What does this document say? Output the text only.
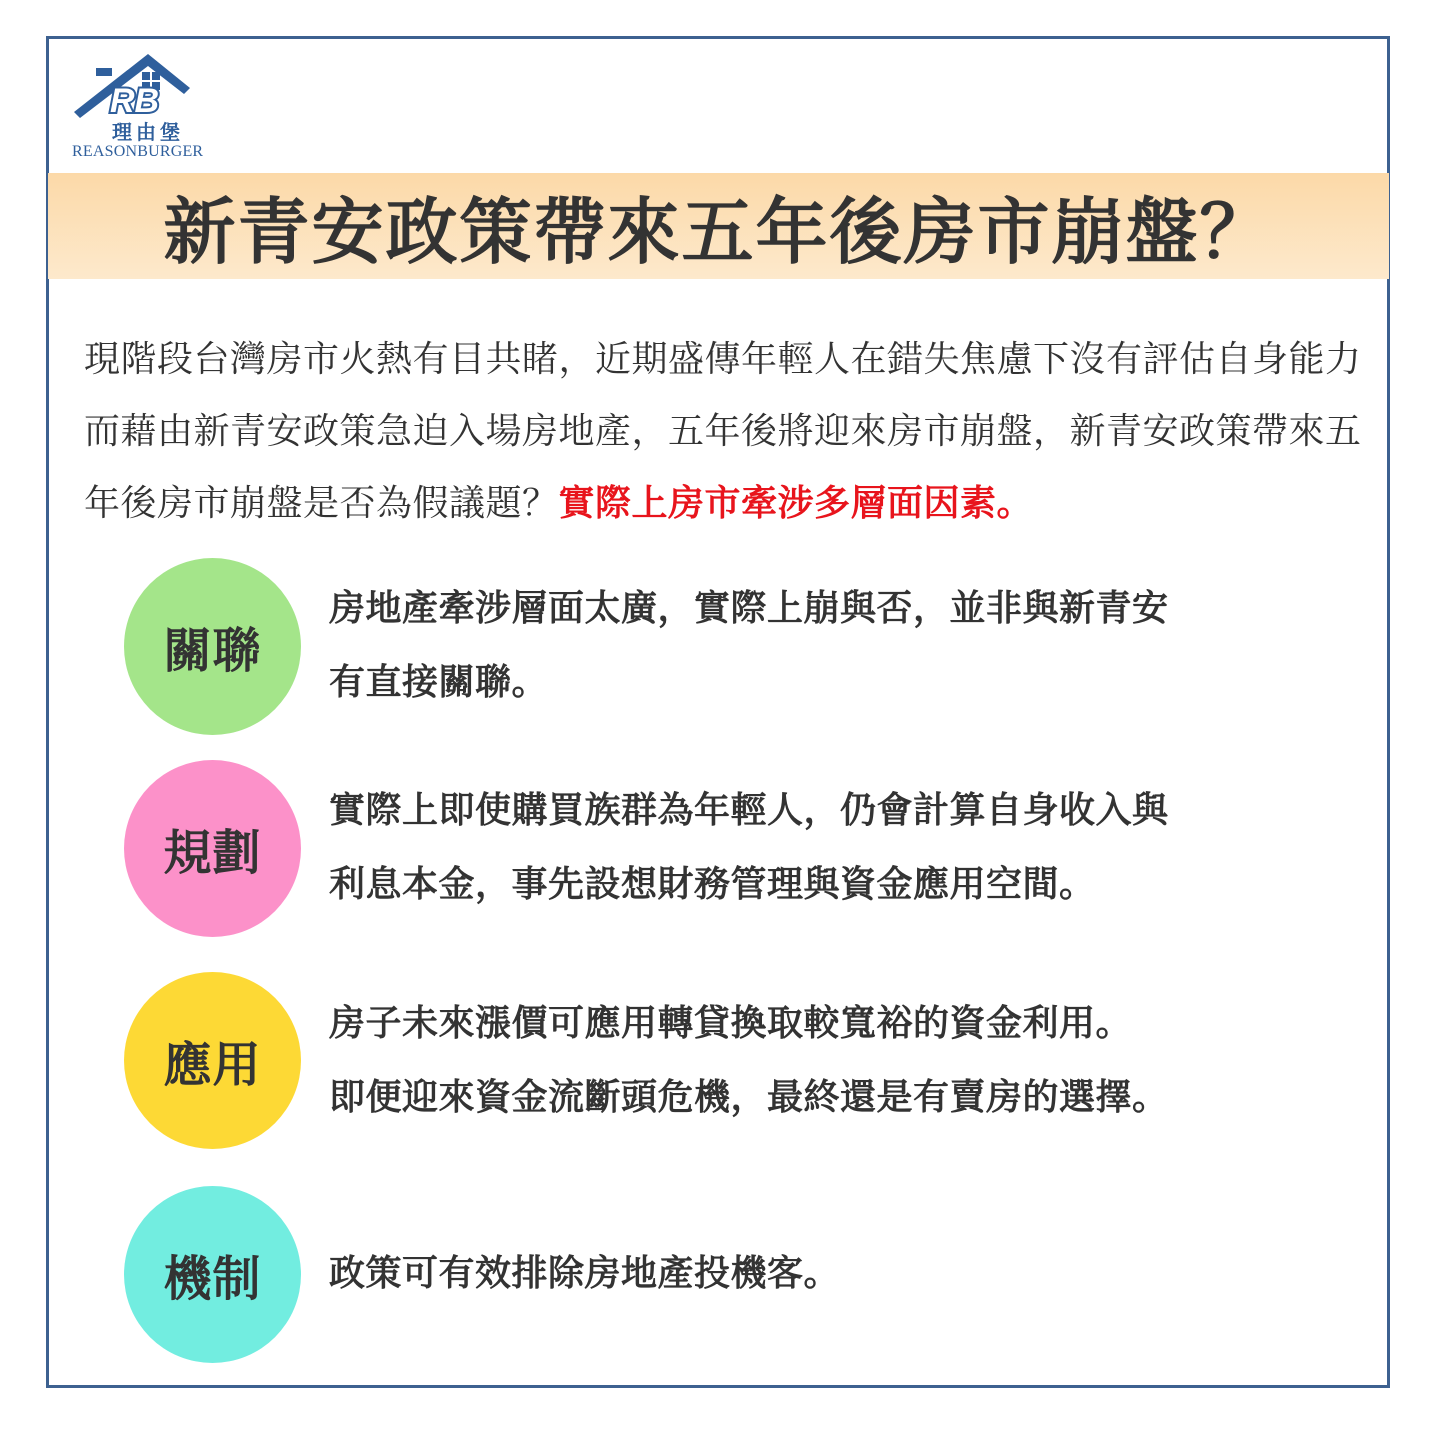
RB
理由堡
REASONBURGER
新青安政策帶來五年後房市崩盤？
現階段台灣房市火熱有目共睹，近期盛傳年輕人在錯失焦慮下沒有評估自身能力而藉由新青安政策急迫入場房地產，五年後將迎來房市崩盤，新青安政策帶來五年後房市崩盤是否為假議題？實際上房市牽涉多層面因素。
關聯
房地產牽涉層面太廣，實際上崩與否，並非與新青安
有直接關聯。
規劃
實際上即使購買族群為年輕人，仍會計算自身收入與
利息本金，事先設想財務管理與資金應用空間。
應用
房子未來漲價可應用轉貸換取較寬裕的資金利用。
即便迎來資金流斷頭危機，最終還是有賣房的選擇。
機制	政策可有效排除房地產投機客。
